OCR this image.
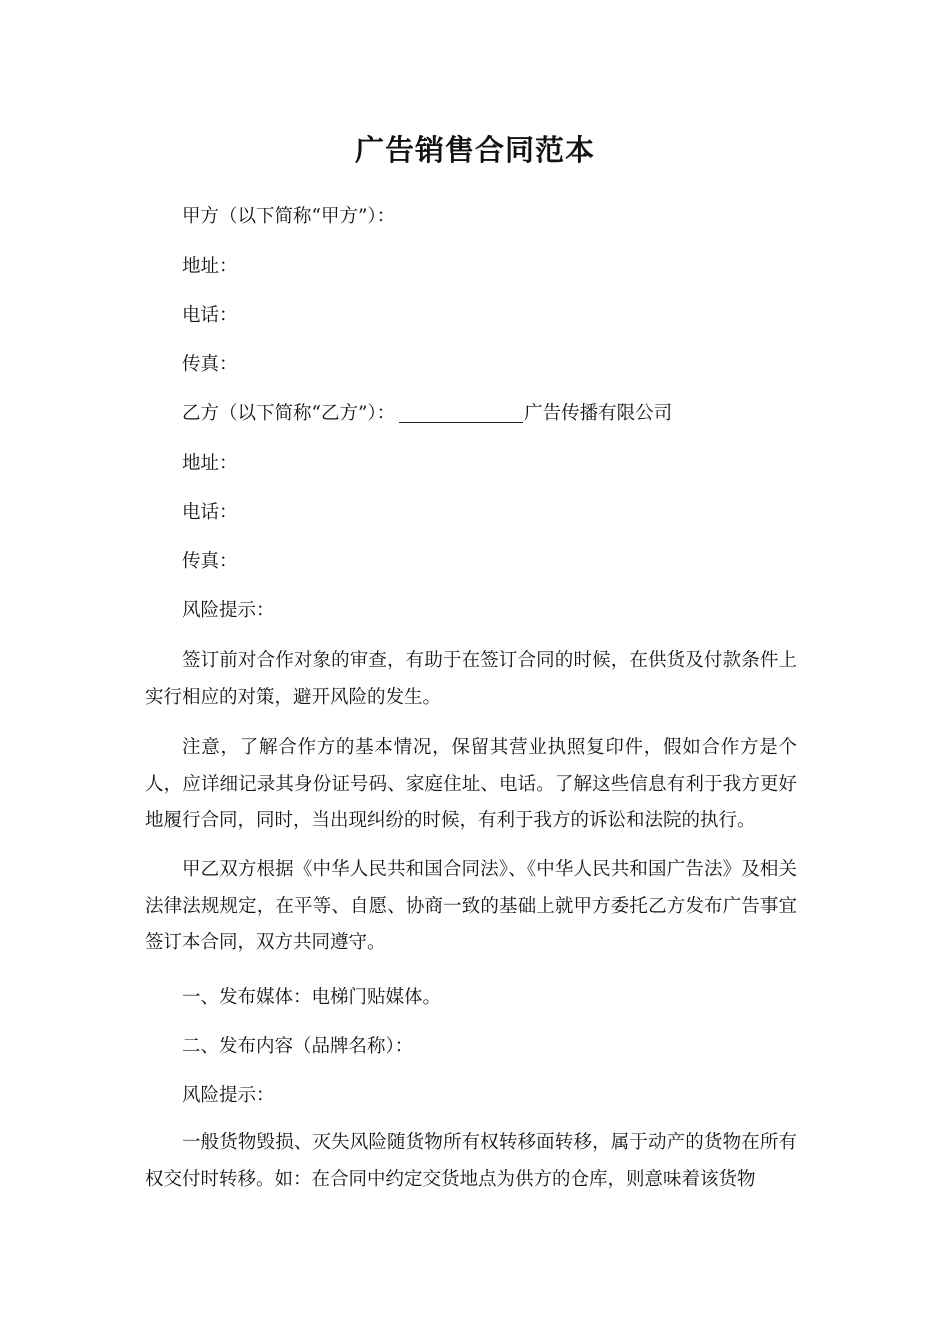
广告销售合同范本

甲方（以下简称“甲方”）：

地址：

电话：

传真：

乙方（以下简称“乙方”）：	广告传播有限公司

地址：

电话：

传真：

风险提示：

签订前对合作对象的审查，有助于在签订合同的时候，在供货及付款条件上实行相应的对策，避开风险的发生。

注意，了解合作方的基本情况，保留其营业执照复印件，假如合作方是个人，应详细记录其身份证号码、家庭住址、电话。了解这些信息有利于我方更好地履行合同，同时，当出现纠纷的时候，有利于我方的诉讼和法院的执行。

甲乙双方根据《中华人民共和国合同法》、《中华人民共和国广告法》及相关法律法规规定，在平等、自愿、协商一致的基础上就甲方委托乙方发布广告事宜签订本合同，双方共同遵守。

一、发布媒体：电梯门贴媒体。

二、发布内容（品牌名称）：

风险提示：

一般货物毁损、灭失风险随货物所有权转移面转移，属于动产的货物在所有权交付时转移。如：在合同中约定交货地点为供方的仓库，则意味着该货物
